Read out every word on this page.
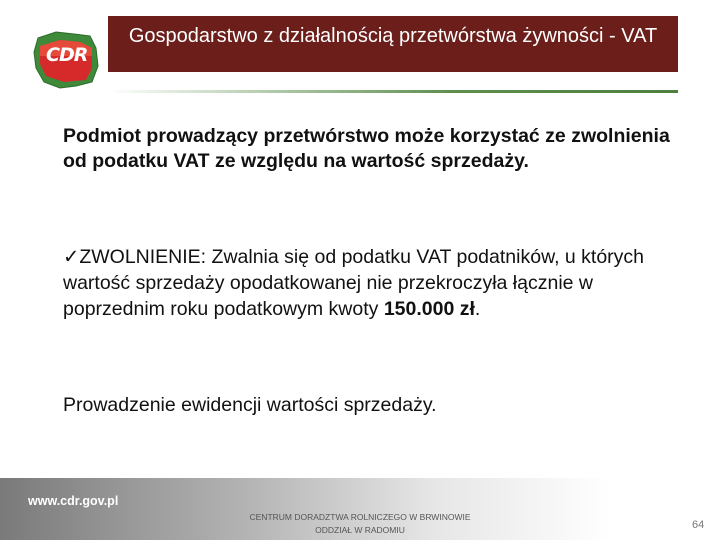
CDR
Gospodarstwo z działalnością przetwórstwa żywności - VAT
Podmiot prowadzący przetwórstwo może korzystać ze zwolnienia od podatku VAT ze względu na wartość sprzedaży.
✓ZWOLNIENIE: Zwalnia się od podatku VAT podatników, u których wartość sprzedaży opodatkowanej nie przekroczyła łącznie w poprzednim roku podatkowym kwoty 150.000 zł.
Prowadzenie ewidencji wartości sprzedaży.
www.cdr.gov.pl
CENTRUM DORADZTWA ROLNICZEGO W BRWINOWIE
ODDZIAŁ W RADOMIU	64
